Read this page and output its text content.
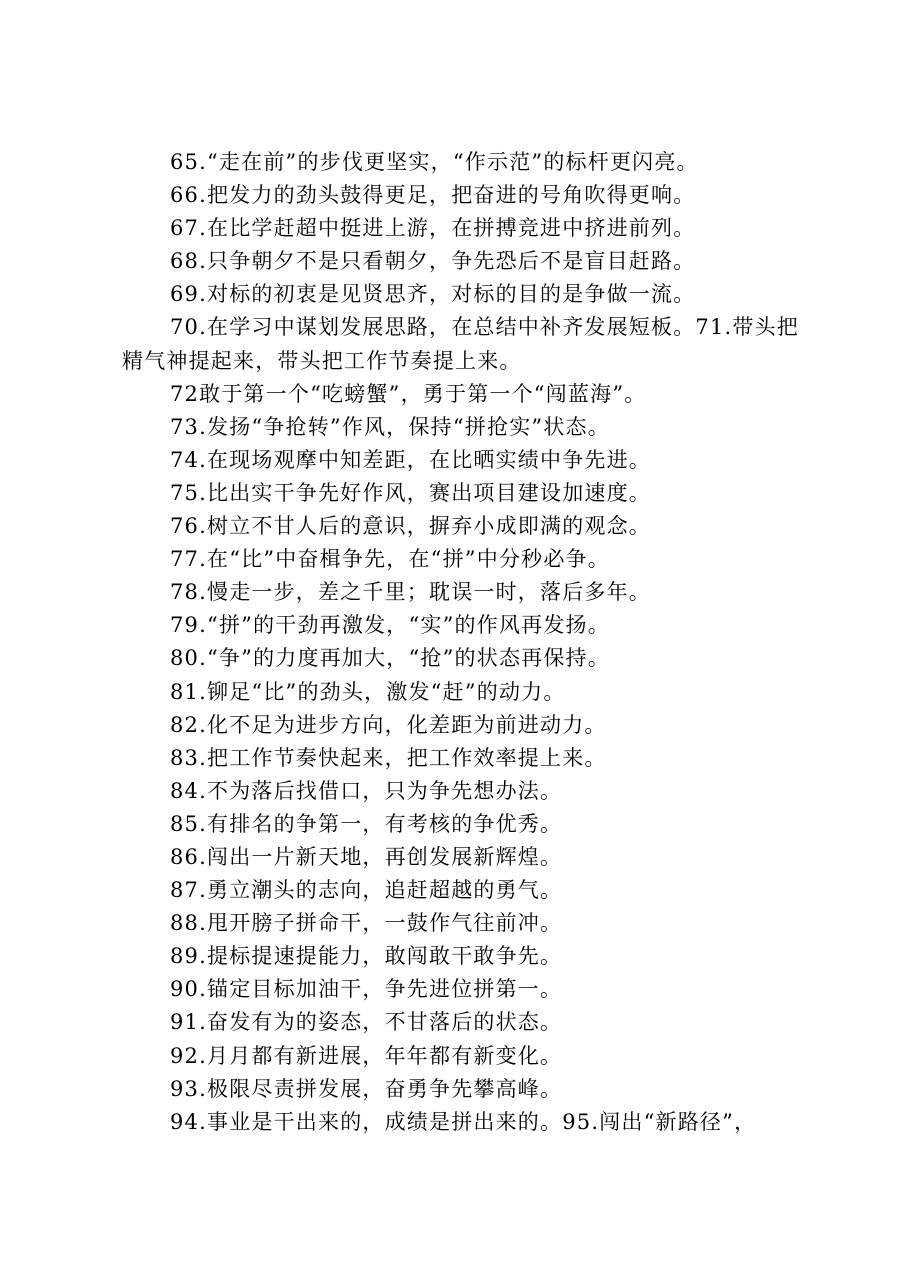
65.“走在前”的步伐更坚实，“作示范”的标杆更闪亮。

66.把发力的劲头鼓得更足，把奋进的号角吹得更响。

67.在比学赶超中挺进上游，在拼搏竞进中挤进前列。

68.只争朝夕不是只看朝夕，争先恐后不是盲目赶路。

69.对标的初衷是见贤思齐，对标的目的是争做一流。

70.在学习中谋划发展思路，在总结中补齐发展短板。71.带头把精气神提起来，带头把工作节奏提上来。

72敢于第一个“吃螃蟹”，勇于第一个“闯蓝海”。

73.发扬“争抢转”作风，保持“拼抢实”状态。

74.在现场观摩中知差距，在比晒实绩中争先进。

75.比出实干争先好作风，赛出项目建设加速度。

76.树立不甘人后的意识，摒弃小成即满的观念。

77.在“比”中奋楫争先，在“拼”中分秒必争。

78.慢走一步，差之千里；耽误一时，落后多年。

79.“拼”的干劲再激发，“实”的作风再发扬。

80.“争”的力度再加大，“抢”的状态再保持。

81.铆足“比”的劲头，激发“赶”的动力。

82.化不足为进步方向，化差距为前进动力。

83.把工作节奏快起来，把工作效率提上来。

84.不为落后找借口，只为争先想办法。

85.有排名的争第一，有考核的争优秀。

86.闯出一片新天地，再创发展新辉煌。

87.勇立潮头的志向，追赶超越的勇气。

88.甩开膀子拼命干，一鼓作气往前冲。

89.提标提速提能力，敢闯敢干敢争先。

90.锚定目标加油干，争先进位拼第一。

91.奋发有为的姿态，不甘落后的状态。

92.月月都有新进展，年年都有新变化。

93.极限尽责拼发展，奋勇争先攀高峰。

94.事业是干出来的，成绩是拼出来的。95.闯出“新路径”，
